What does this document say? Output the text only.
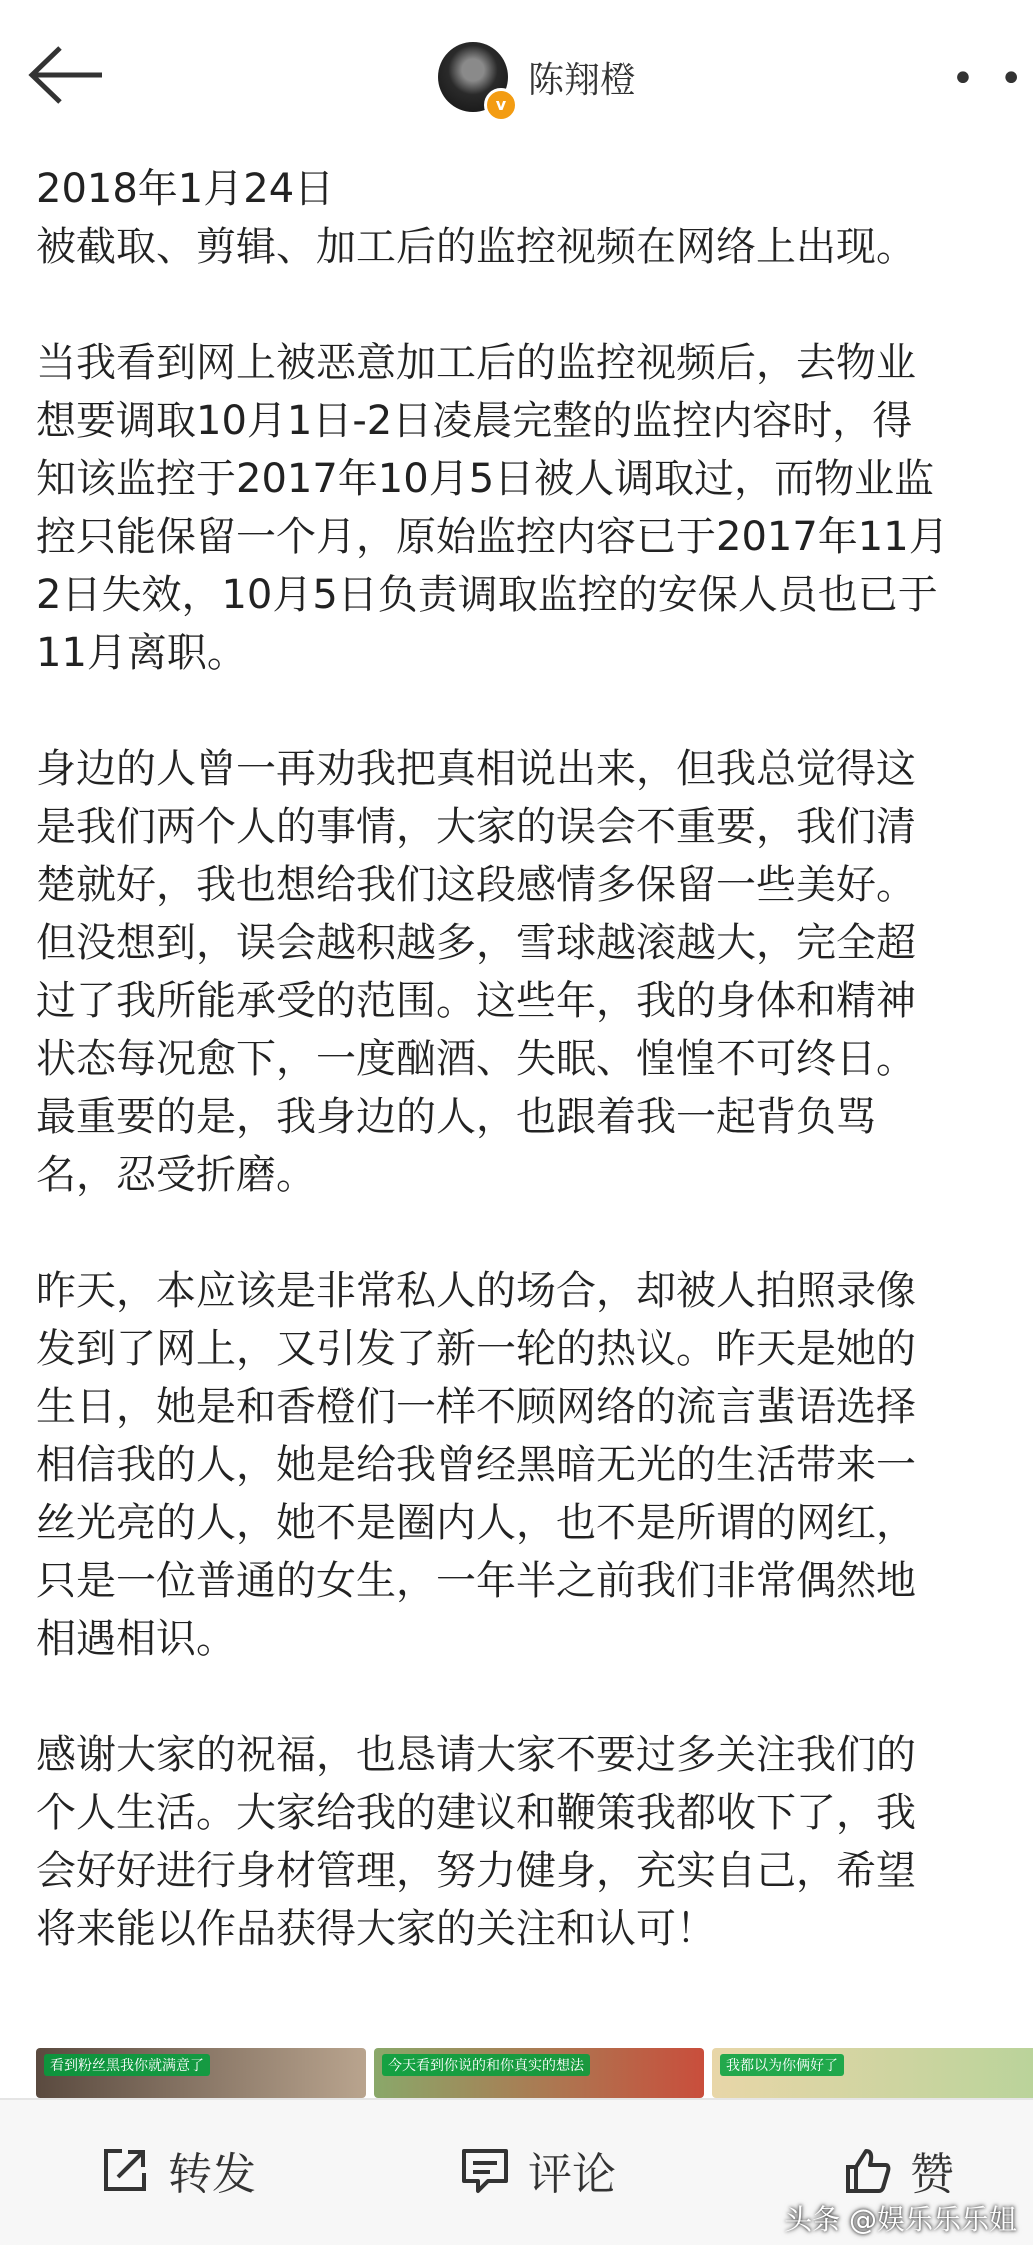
v
陈翔橙	• •

2018年1月24日
被截取、剪辑、加工后的监控视频在网络上出现。

当我看到网上被恶意加工后的监控视频后，去物业
想要调取10月1日-2日凌晨完整的监控内容时，得
知该监控于2017年10月5日被人调取过，而物业监
控只能保留一个月，原始监控内容已于2017年11月
2日失效，10月5日负责调取监控的安保人员也已于
11月离职。

身边的人曾一再劝我把真相说出来，但我总觉得这
是我们两个人的事情，大家的误会不重要，我们清
楚就好，我也想给我们这段感情多保留一些美好。
但没想到，误会越积越多，雪球越滚越大，完全超
过了我所能承受的范围。这些年，我的身体和精神
状态每况愈下，一度酗酒、失眠、惶惶不可终日。
最重要的是，我身边的人，也跟着我一起背负骂
名，忍受折磨。

昨天，本应该是非常私人的场合，却被人拍照录像
发到了网上，又引发了新一轮的热议。昨天是她的
生日，她是和香橙们一样不顾网络的流言蜚语选择
相信我的人，她是给我曾经黑暗无光的生活带来一
丝光亮的人，她不是圈内人，也不是所谓的网红，
只是一位普通的女生，一年半之前我们非常偶然地
相遇相识。

感谢大家的祝福，也恳请大家不要过多关注我们的
个人生活。大家给我的建议和鞭策我都收下了，我
会好好进行身材管理，努力健身，充实自己，希望
将来能以作品获得大家的关注和认可！

看到粉丝黑我你就满意了	今天看到你说的和你真实的想法	我都以为你俩好了
转发	评论	赞
头条 @娱乐乐乐姐
